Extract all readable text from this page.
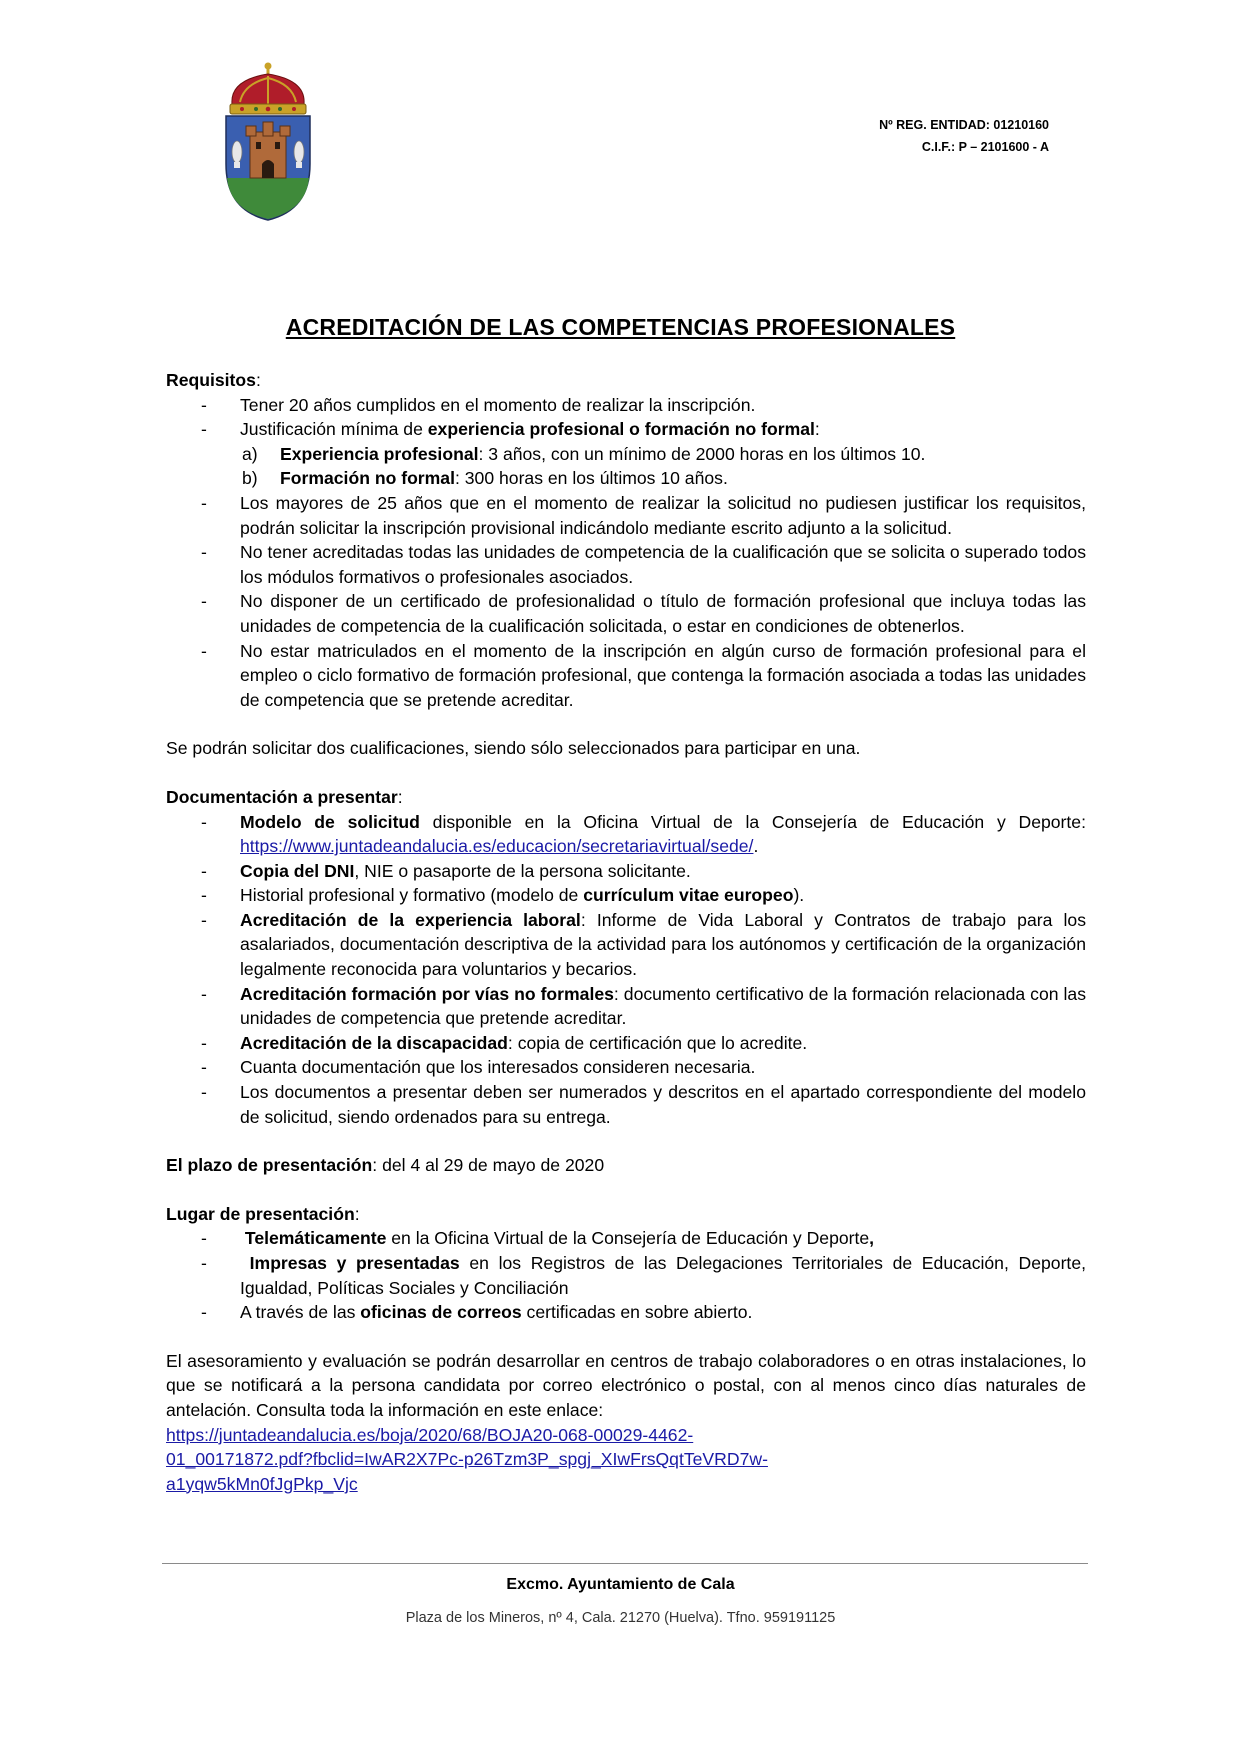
Nº REG. ENTIDAD: 01210160
C.I.F.: P – 2101600 - A
ACREDITACIÓN DE LAS COMPETENCIAS PROFESIONALES

Requisitos:

- Tener 20 años cumplidos en el momento de realizar la inscripción.
- Justificación mínima de experiencia profesional o formación no formal:
a) Experiencia profesional: 3 años, con un mínimo de 2000 horas en los últimos 10.
b) Formación no formal: 300 horas en los últimos 10 años.
- Los mayores de 25 años que en el momento de realizar la solicitud no pudiesen justificar los requisitos, podrán solicitar la inscripción provisional indicándolo mediante escrito adjunto a la solicitud.
- No tener acreditadas todas las unidades de competencia de la cualificación que se solicita o superado todos los módulos formativos o profesionales asociados.
- No disponer de un certificado de profesionalidad o título de formación profesional que incluya todas las unidades de competencia de la cualificación solicitada, o estar en condiciones de obtenerlos.
- No estar matriculados en el momento de la inscripción en algún curso de formación profesional para el empleo o ciclo formativo de formación profesional, que contenga la formación asociada a todas las unidades de competencia que se pretende acreditar.

Se podrán solicitar dos cualificaciones, siendo sólo seleccionados para participar en una.

Documentación a presentar:

- Modelo de solicitud disponible en la Oficina Virtual de la Consejería de Educación y Deporte: https://www.juntadeandalucia.es/educacion/secretariavirtual/sede/.
- Copia del DNI, NIE o pasaporte de la persona solicitante.
- Historial profesional y formativo (modelo de currículum vitae europeo).
- Acreditación de la experiencia laboral: Informe de Vida Laboral y Contratos de trabajo para los asalariados, documentación descriptiva de la actividad para los autónomos y certificación de la organización legalmente reconocida para voluntarios y becarios.
- Acreditación formación por vías no formales: documento certificativo de la formación relacionada con las unidades de competencia que pretende acreditar.
- Acreditación de la discapacidad: copia de certificación que lo acredite.
- Cuanta documentación que los interesados consideren necesaria.
- Los documentos a presentar deben ser numerados y descritos en el apartado correspondiente del modelo de solicitud, siendo ordenados para su entrega.

El plazo de presentación: del 4 al 29 de mayo de 2020

Lugar de presentación:

- Telemáticamente en la Oficina Virtual de la Consejería de Educación y Deporte,
- Impresas y presentadas en los Registros de las Delegaciones Territoriales de Educación, Deporte, Igualdad, Políticas Sociales y Conciliación
- A través de las oficinas de correos certificadas en sobre abierto.

El asesoramiento y evaluación se podrán desarrollar en centros de trabajo colaboradores o en otras instalaciones, lo que se notificará a la persona candidata por correo electrónico o postal, con al menos cinco días naturales de antelación. Consulta toda la información en este enlace:

https://juntadeandalucia.es/boja/2020/68/BOJA20-068-00029-4462-
01_00171872.pdf?fbclid=IwAR2X7Pc-p26Tzm3P_spgj_XIwFrsQqtTeVRD7w-
a1yqw5kMn0fJgPkp_Vjc
Excmo. Ayuntamiento de Cala
Plaza de los Mineros, nº 4, Cala. 21270 (Huelva). Tfno. 959191125
